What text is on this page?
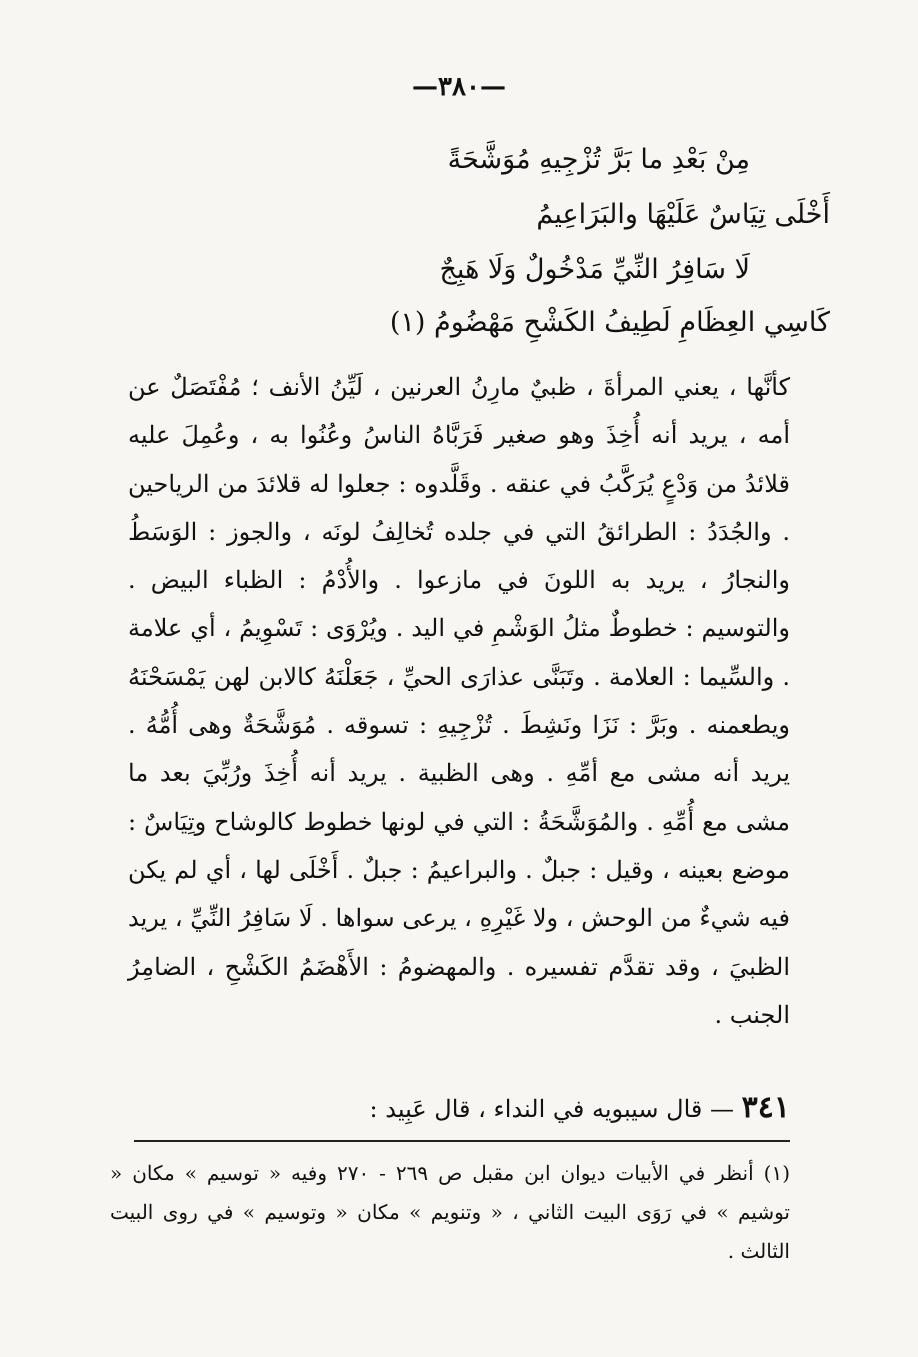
—٣٨٠—
مِنْ بَعْدِ ما بَرَّ تُزْجِيهِ مُوَشَّحَةً
أَخْلَى تِيَاسٌ عَلَيْهَا والبَرَاعِيمُ
لَا سَافِرُ النِّيِّ مَدْخُولٌ وَلَا هَبِجٌ
كَاسِي العِظَامِ لَطِيفُ الكَشْحِ مَهْضُومُ (١)

كأنَّها ، يعني المرأةَ ، ظبيٌ مارِنُ العرنين ، لَيِّنُ الأنف ؛ مُفْتَصَلٌ عن أمه ، يريد أنه أُخِذَ وهو صغير فَرَبَّاهُ الناسُ وعُنُوا به ، وعُمِلَ عليه قلائدُ من وَدْعٍ يُرَكَّبُ في عنقه . وقَلَّدوه : جعلوا له قلائدَ من الرياحين . والجُدَدُ : الطرائقُ التي في جلده تُخالِفُ لونَه ، والجوز : الوَسَطُ والنجارُ ، يريد به اللونَ في مازعوا . والأُدْمُ : الظباء البيض . والتوسيم : خطوطٌ مثلُ الوَشْمِ في اليد . ويُرْوَى : تَسْوِيمُ ، أي علامة . والسِّيما : العلامة . وتَبَنَّى عذارَى الحيِّ ، جَعَلْنَهُ كالابن لهن يَمْسَحْنَهُ ويطعمنه . وبَرَّ : نَزَا ونَشِطَ . تُزْجِيهِ : تسوقه . مُوَشَّحَةٌ وهى أُمُّهُ . يريد أنه مشى مع أمِّهِ . وهى الظبية . يريد أنه أُخِذَ ورُبِّيَ بعد ما مشى مع أُمِّهِ . والمُوَشَّحَةُ : التي في لونها خطوط كالوشاح وتِيَاسٌ : موضع بعينه ، وقيل : جبلٌ . والبراعيمُ : جبلٌ . أَخْلَى لها ، أي لم يكن فيه شيءٌ من الوحش ، ولا غَيْرِهِ ، يرعى سواها . لَا سَافِرُ النِّيِّ ، يريد الظبيَ ، وقد تقدَّم تفسيره . والمهضومُ : الأَهْضَمُ الكَشْحِ ، الضامِرُ الجنب .

٣٤١ — قال سيبويه في النداء ، قال عَبِيد :

(١) أنظر في الأبيات ديوان ابن مقبل ص ٢٦٩ - ٢٧٠ وفيه « توسيم » مكان « توشيم » في رَوَى البيت الثاني ، « وتنويم » مكان « وتوسيم » في روى البيت الثالث .
